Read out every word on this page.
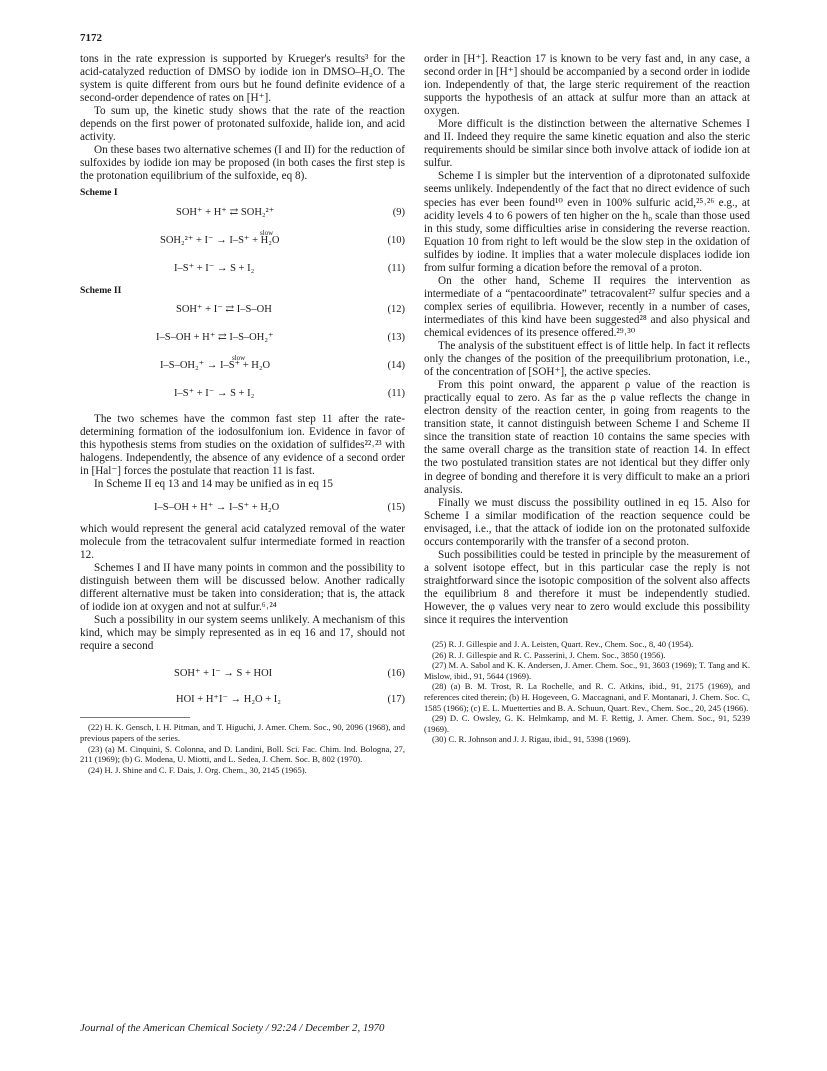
7172

tons in the rate expression is supported by Krueger's results³ for the acid-catalyzed reduction of DMSO by iodide ion in DMSO–H₂O. The system is quite different from ours but he found definite evidence of a second-order dependence of rates on [H⁺].

To sum up, the kinetic study shows that the rate of the reaction depends on the first power of protonated sulfoxide, halide ion, and acid activity.

On these bases two alternative schemes (I and II) for the reduction of sulfoxides by iodide ion may be proposed (in both cases the first step is the protonation equilibrium of the sulfoxide, eq 8).

Scheme I
SOH⁺ + H⁺ ⇄ SOH₂²⁺	(9)
slow
SOH₂²⁺ + I⁻ → I–S⁺ + H₂O	(10)
I–S⁺ + I⁻ → S + I₂	(11)
Scheme II
SOH⁺ + I⁻ ⇄ I–S–OH	(12)
I–S–OH + H⁺ ⇄ I–S–OH₂⁺	(13)
slow
I–S–OH₂⁺ → I–S⁺ + H₂O	(14)
I–S⁺ + I⁻ → S + I₂	(11)

The two schemes have the common fast step 11 after the rate-determining formation of the iodosulfonium ion. Evidence in favor of this hypothesis stems from studies on the oxidation of sulfides²²˒²³ with halogens. Independently, the absence of any evidence of a second order in [Hal⁻] forces the postulate that reaction 11 is fast.

In Scheme II eq 13 and 14 may be unified as in eq 15

I–S–OH + H⁺ → I–S⁺ + H₂O	(15)

which would represent the general acid catalyzed removal of the water molecule from the tetracovalent sulfur intermediate formed in reaction 12.

Schemes I and II have many points in common and the possibility to distinguish between them will be discussed below. Another radically different alternative must be taken into consideration; that is, the attack of iodide ion at oxygen and not at sulfur.⁶˒²⁴

Such a possibility in our system seems unlikely. A mechanism of this kind, which may be simply represented as in eq 16 and 17, should not require a second

SOH⁺ + I⁻ → S + HOI	(16)
HOI + H⁺I⁻ → H₂O + I₂	(17)
(22) H. K. Gensch, I. H. Pitman, and T. Higuchi, J. Amer. Chem. Soc., 90, 2096 (1968), and previous papers of the series.
(23) (a) M. Cinquini, S. Colonna, and D. Landini, Boll. Sci. Fac. Chim. Ind. Bologna, 27, 211 (1969); (b) G. Modena, U. Miotti, and L. Sedea, J. Chem. Soc. B, 802 (1970).
(24) H. J. Shine and C. F. Dais, J. Org. Chem., 30, 2145 (1965).

order in [H⁺]. Reaction 17 is known to be very fast and, in any case, a second order in [H⁺] should be accompanied by a second order in iodide ion. Independently of that, the large steric requirement of the reaction supports the hypothesis of an attack at sulfur more than an attack at oxygen.

More difficult is the distinction between the alternative Schemes I and II. Indeed they require the same kinetic equation and also the steric requirements should be similar since both involve attack of iodide ion at sulfur.

Scheme I is simpler but the intervention of a diprotonated sulfoxide seems unlikely. Independently of the fact that no direct evidence of such species has ever been found¹⁰ even in 100% sulfuric acid,²⁵˒²⁶ e.g., at acidity levels 4 to 6 powers of ten higher on the h₀ scale than those used in this study, some difficulties arise in considering the reverse reaction. Equation 10 from right to left would be the slow step in the oxidation of sulfides by iodine. It implies that a water molecule displaces iodide ion from sulfur forming a dication before the removal of a proton.

On the other hand, Scheme II requires the intervention as intermediate of a “pentacoordinate” tetracovalent²⁷ sulfur species and a complex series of equilibria. However, recently in a number of cases, intermediates of this kind have been suggested²⁸ and also physical and chemical evidences of its presence offered.²⁹˒³⁰

The analysis of the substituent effect is of little help. In fact it reflects only the changes of the position of the preequilibrium protonation, i.e., of the concentration of [SOH⁺], the active species.

From this point onward, the apparent ρ value of the reaction is practically equal to zero. As far as the ρ value reflects the change in electron density of the reaction center, in going from reagents to the transition state, it cannot distinguish between Scheme I and Scheme II since the transition state of reaction 10 contains the same species with the same overall charge as the transition state of reaction 14. In effect the two postulated transition states are not identical but they differ only in degree of bonding and therefore it is very difficult to make an a priori analysis.

Finally we must discuss the possibility outlined in eq 15. Also for Scheme I a similar modification of the reaction sequence could be envisaged, i.e., that the attack of iodide ion on the protonated sulfoxide occurs contemporarily with the transfer of a second proton.

Such possibilities could be tested in principle by the measurement of a solvent isotope effect, but in this particular case the reply is not straightforward since the isotopic composition of the solvent also affects the equilibrium 8 and therefore it must be independently studied. However, the φ values very near to zero would exclude this possibility since it requires the intervention

(25) R. J. Gillespie and J. A. Leisten, Quart. Rev., Chem. Soc., 8, 40 (1954).
(26) R. J. Gillespie and R. C. Passerini, J. Chem. Soc., 3850 (1956).
(27) M. A. Sabol and K. K. Andersen, J. Amer. Chem. Soc., 91, 3603 (1969); T. Tang and K. Mislow, ibid., 91, 5644 (1969).
(28) (a) B. M. Trost, R. La Rochelle, and R. C. Atkins, ibid., 91, 2175 (1969), and references cited therein; (b) H. Hogeveen, G. Maccagnani, and F. Montanari, J. Chem. Soc. C, 1585 (1966); (c) E. L. Muetterties and B. A. Schuun, Quart. Rev., Chem. Soc., 20, 245 (1966).
(29) D. C. Owsley, G. K. Helmkamp, and M. F. Rettig, J. Amer. Chem. Soc., 91, 5239 (1969).
(30) C. R. Johnson and J. J. Rigau, ibid., 91, 5398 (1969).
Journal of the American Chemical Society / 92:24 / December 2, 1970
